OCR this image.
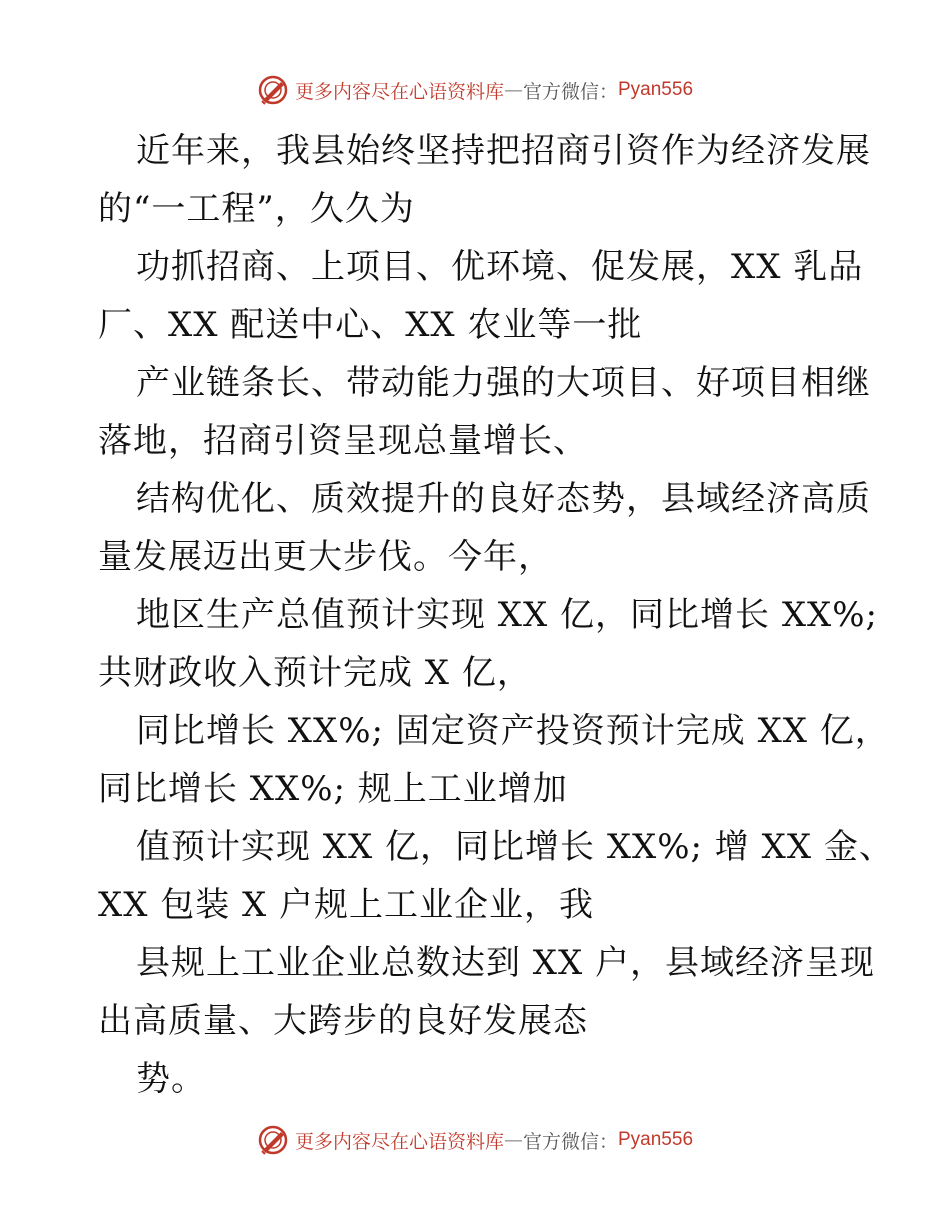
更多内容尽在心语资料库 — 官方微信： Pyan556
近年来，我县始终坚持把招商引资作为经济发展
的“一工程”，久久为
功抓招商、上项目、优环境、促发展，XX 乳品
厂、XX 配送中心、XX 农业等一批
产业链条长、带动能力强的大项目、好项目相继
落地，招商引资呈现总量增长、
结构优化、质效提升的良好态势，县域经济高质
量发展迈出更大步伐。今年，
地区生产总值预计实现 XX 亿，同比增长 XX%;
共财政收入预计完成 X 亿，
同比增长 XX%; 固定资产投资预计完成 XX 亿，
同比增长 XX%; 规上工业增加
值预计实现 XX 亿，同比增长 XX%; 增 XX 金、
XX 包装 X 户规上工业企业，我
县规上工业企业总数达到 XX 户，县域经济呈现
出高质量、大跨步的良好发展态
势。
更多内容尽在心语资料库 — 官方微信： Pyan556
